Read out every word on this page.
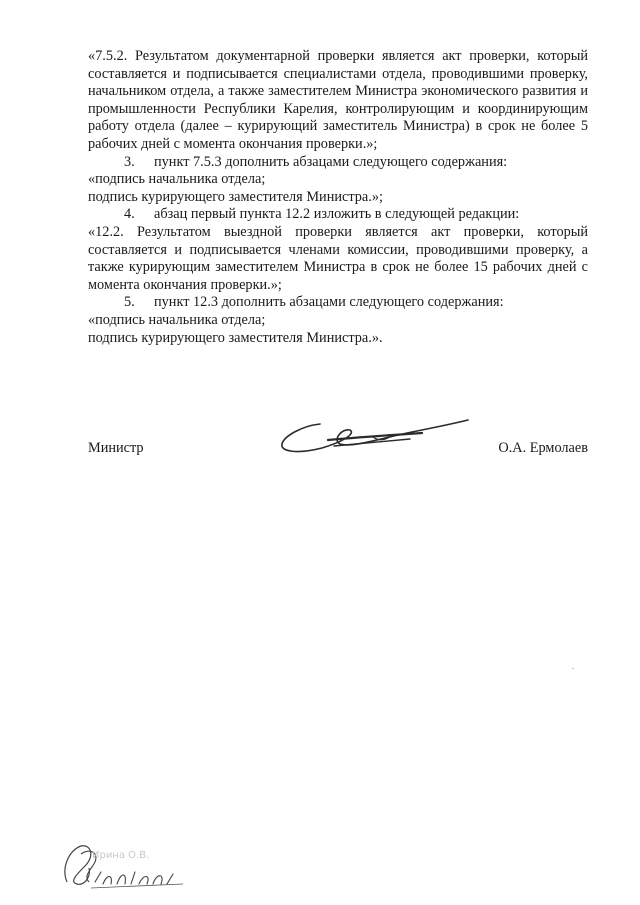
«7.5.2. Результатом документарной проверки является акт проверки, который составляется и подписывается специалистами отдела, проводившими проверку, начальником отдела, а также заместителем Министра экономического развития и промышленности Республики Карелия, контролирующим и координирующим работу отдела (далее – курирующий заместитель Министра) в срок не более 5 рабочих дней с момента окончания проверки.»;

3. пункт 7.5.3 дополнить абзацами следующего содержания:

«подпись начальника отдела;

подпись курирующего заместителя Министра.»;

4. абзац первый пункта 12.2 изложить в следующей редакции:

«12.2. Результатом выездной проверки является акт проверки, который составляется и подписывается членами комиссии, проводившими проверку, а также курирующим заместителем Министра в срок не более 15 рабочих дней с момента окончания проверки.»;

5. пункт 12.3 дополнить абзацами следующего содержания:

«подпись начальника отдела;

подпись курирующего заместителя Министра.».

Министр	О.А. Ермолаев
Ирина О.В.
